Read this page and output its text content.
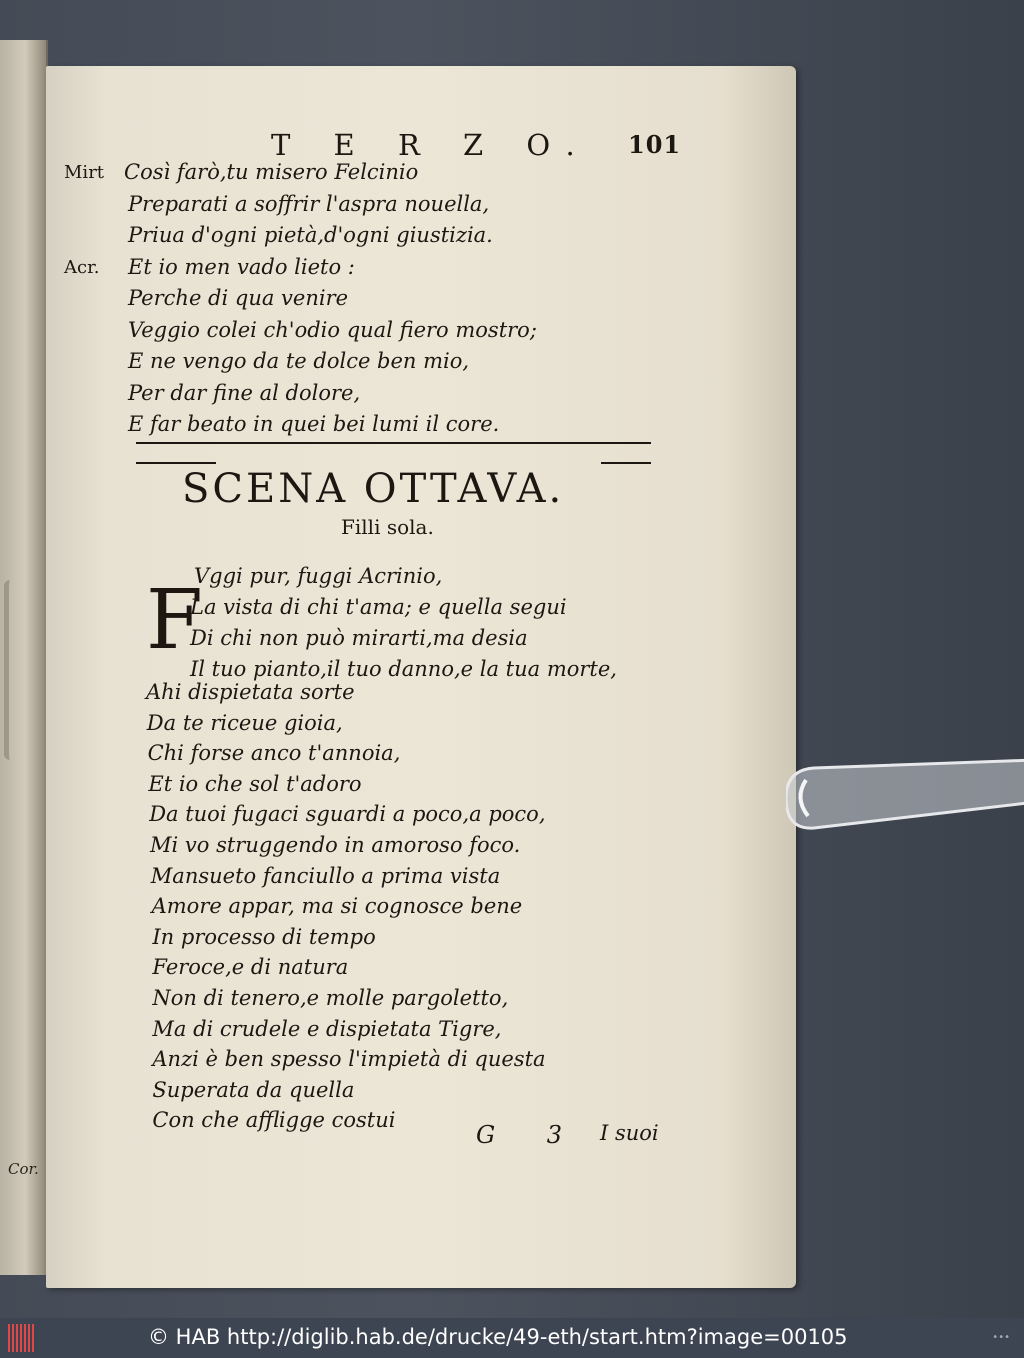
Cor.
T E R Z O. 101
Mirt Così farò,tu misero Felcinio
Preparati a soffrir l'aspra nouella,
Priua d'ogni pietà,d'ogni giustizia.
Acr. Et io men vado lieto :
Perche di qua venire
Veggio colei ch'odio qual fiero mostro;
E ne vengo da te dolce ben mio,
Per dar fine al dolore,
E far beato in quei bei lumi il core.
SCENA OTTAVA.
Filli sola.
F
Vggi pur, fuggi Acrinio,
La vista di chi t'ama; e quella segui
Di chi non può mirarti,ma desia
Il tuo pianto,il tuo danno,e la tua morte,
Ahi dispietata sorte
Da te riceue gioia,
Chi forse anco t'annoia,
Et io che sol t'adoro
Da tuoi fugaci sguardi a poco,a poco,
Mi vo struggendo in amoroso foco.
Mansueto fanciullo a prima vista
Amore appar, ma si cognosce bene
In processo di tempo
Feroce,e di natura
Non di tenero,e molle pargoletto,
Ma di crudele e dispietata Tigre,
Anzi è ben spesso l'impietà di questa
Superata da quella
Con che affligge costui
G 3 I suoi
© HAB http://diglib.hab.de/drucke/49-eth/start.htm?image=00105	•••
